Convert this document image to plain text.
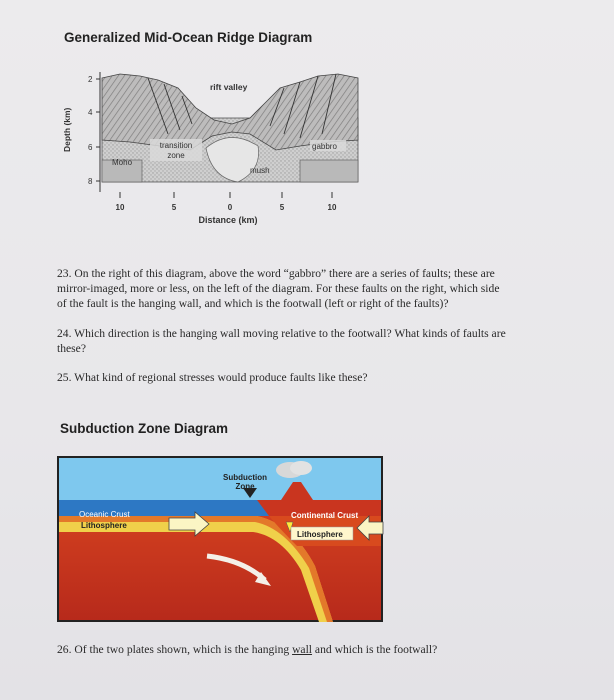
Generalized Mid-Ocean Ridge Diagram
2
4
6
8
Depth (km)
10	5	0	5	10
Distance (km)
rift valley
transition
zone
gabbro
Moho
mush
23. On the right of this diagram, above the word “gabbro” there are a series of faults; these are
mirror-imaged, more or less, on the left of the diagram. For these faults on the right, which side
of the fault is the hanging wall, and which is the footwall (left or right of the faults)?
24. Which direction is the hanging wall moving relative to the footwall? What kinds of faults are
these?
25. What kind of regional stresses would produce faults like these?
Subduction Zone Diagram
Subduction
Zone
Oceanic Crust
Lithosphere
Continental Crust
Lithosphere
26. Of the two plates shown, which is the hanging wall and which is the footwall?
